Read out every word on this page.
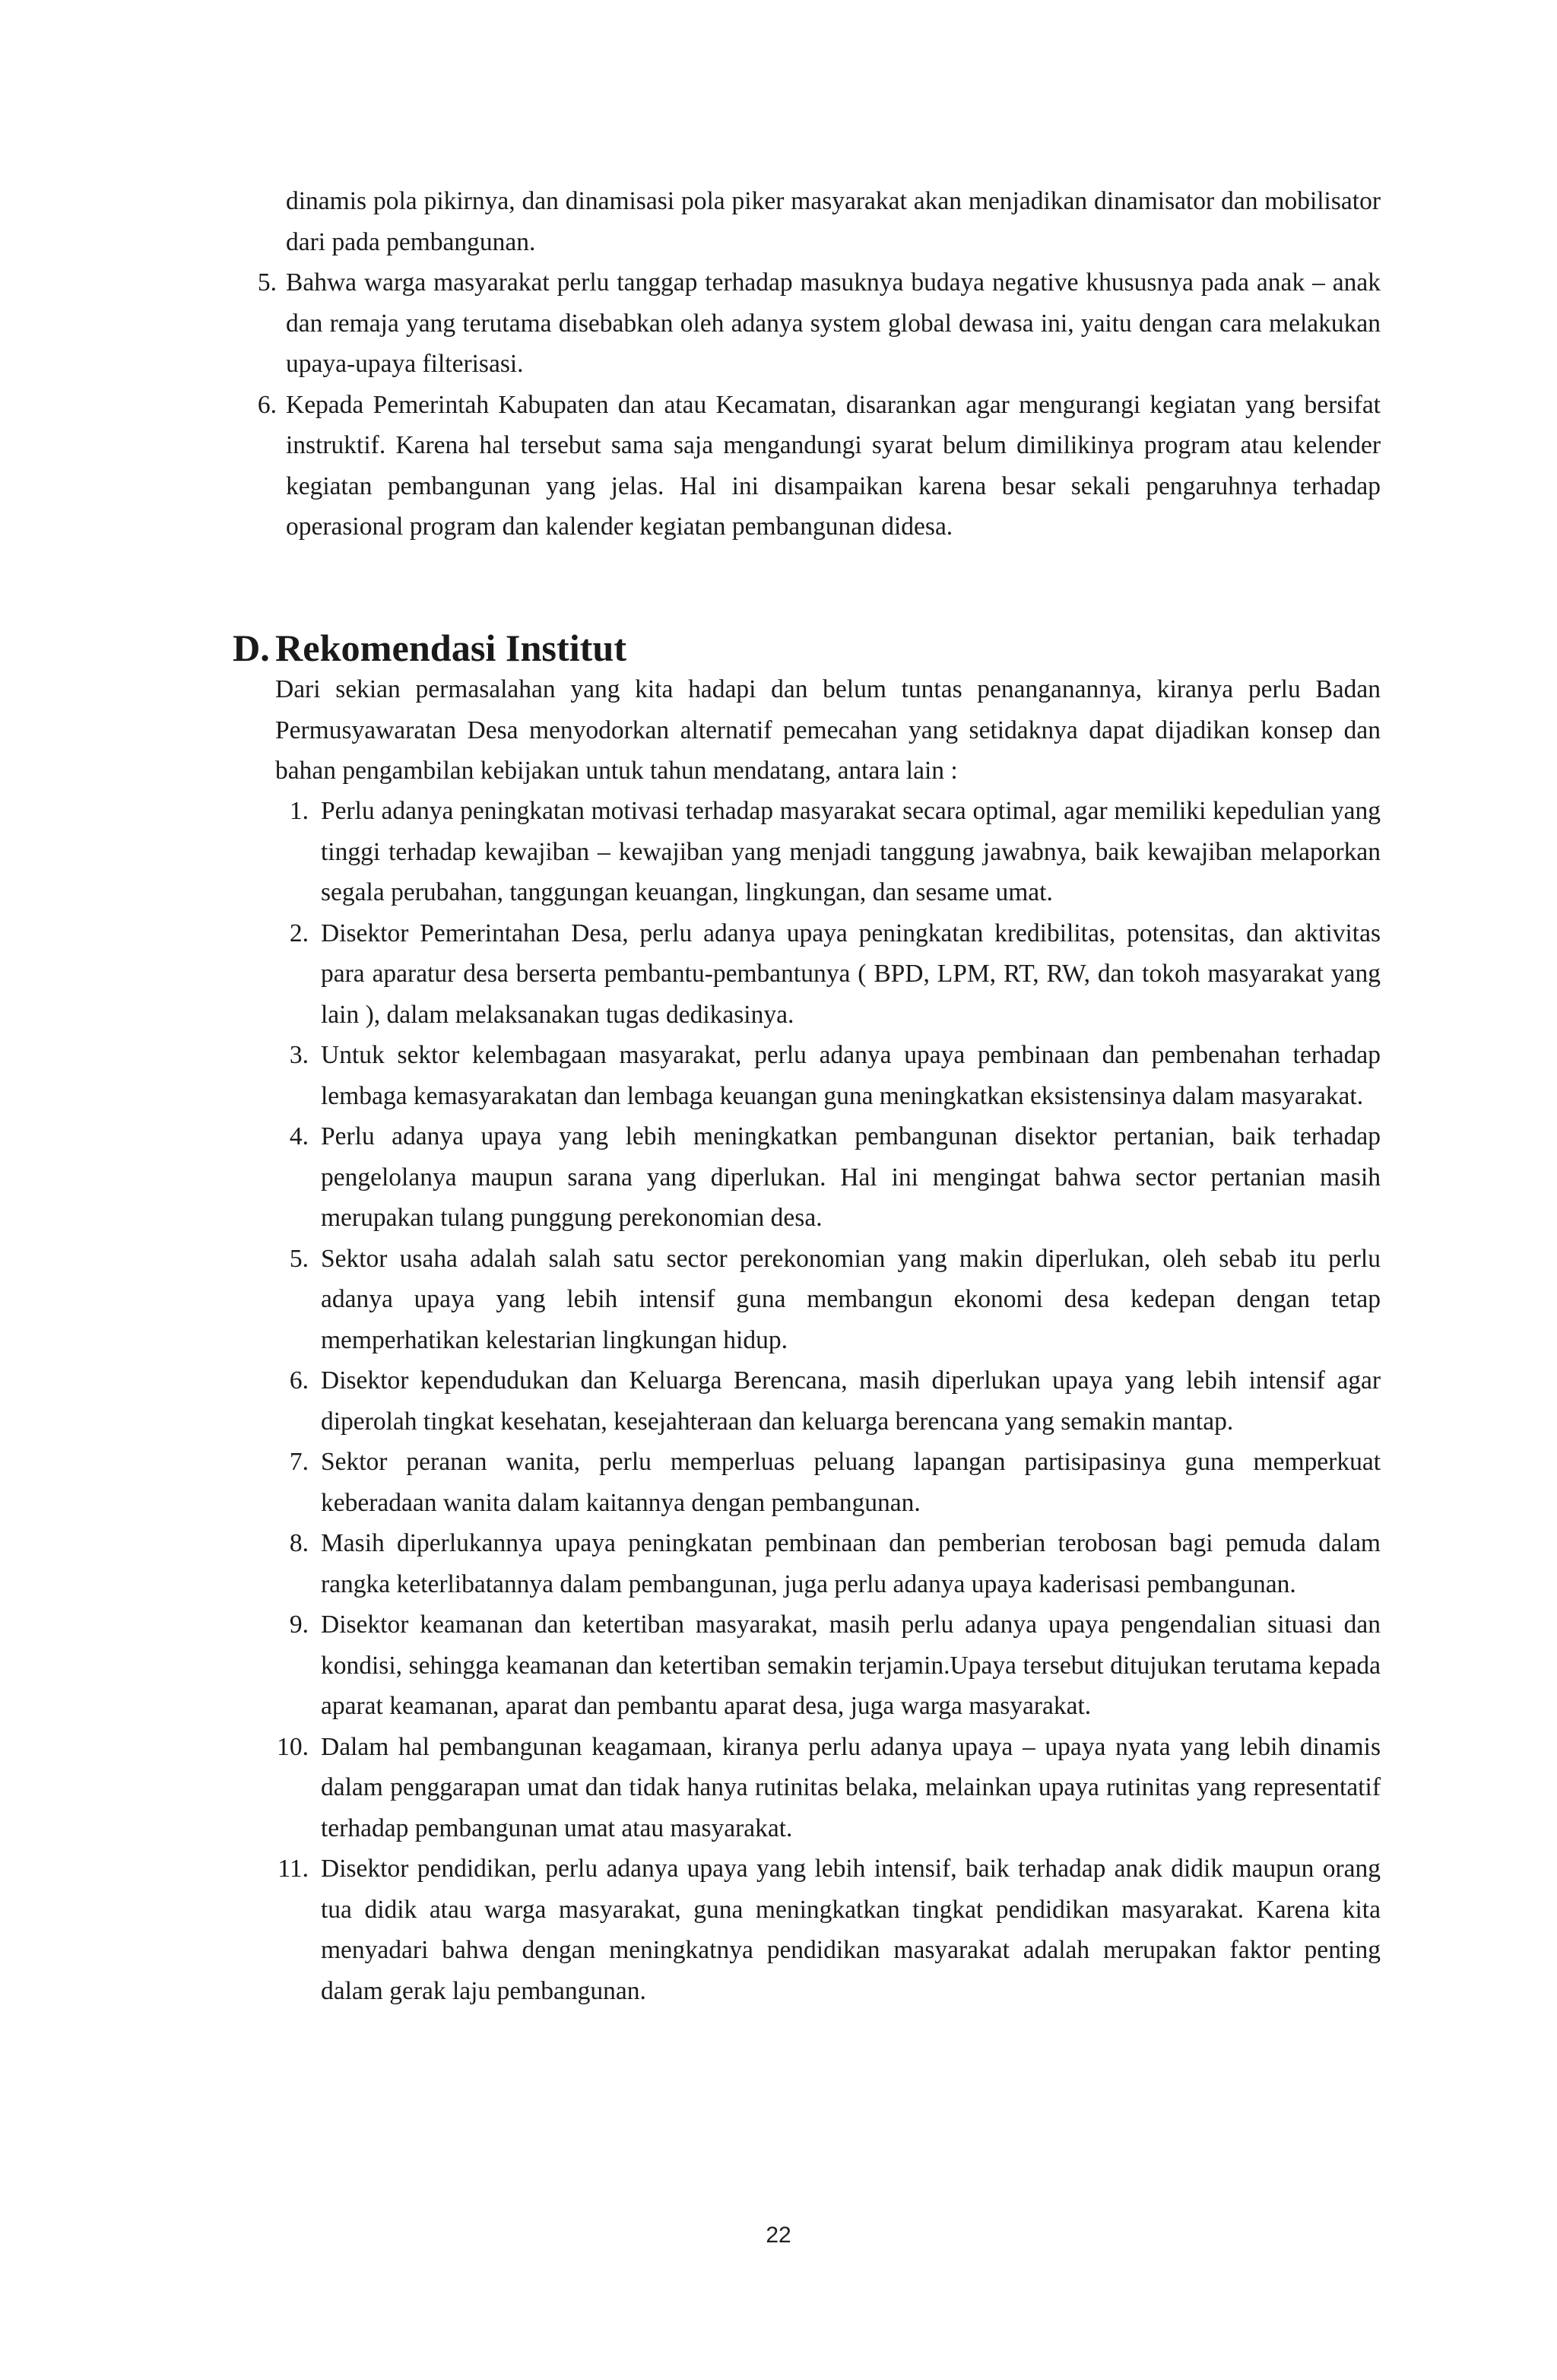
dinamis pola pikirnya, dan dinamisasi pola piker masyarakat akan menjadikan dinamisator dan mobilisator dari pada pembangunan.

5. Bahwa warga masyarakat perlu tanggap terhadap masuknya budaya negative khususnya pada anak – anak dan remaja yang terutama disebabkan oleh adanya system global dewasa ini, yaitu dengan cara melakukan upaya-upaya filterisasi.
6. Kepada Pemerintah Kabupaten dan atau Kecamatan, disarankan agar mengurangi kegiatan yang bersifat instruktif. Karena hal tersebut sama saja mengandungi syarat belum dimilikinya program atau kelender kegiatan pembangunan yang jelas. Hal ini disampaikan karena besar sekali pengaruhnya terhadap operasional program dan kalender kegiatan pembangunan didesa.
D. Rekomendasi Institut

Dari sekian permasalahan yang kita hadapi dan belum tuntas penanganannya, kiranya perlu Badan Permusyawaratan Desa menyodorkan alternatif pemecahan yang setidaknya dapat dijadikan konsep dan bahan pengambilan kebijakan untuk tahun mendatang, antara lain :

1. Perlu adanya peningkatan motivasi terhadap masyarakat secara optimal, agar memiliki kepedulian yang tinggi terhadap kewajiban – kewajiban yang menjadi tanggung jawabnya, baik kewajiban melaporkan segala perubahan, tanggungan keuangan, lingkungan, dan sesame umat.
2. Disektor Pemerintahan Desa, perlu adanya upaya peningkatan kredibilitas, potensitas, dan aktivitas para aparatur desa berserta pembantu-pembantunya ( BPD, LPM, RT, RW, dan tokoh masyarakat yang lain ), dalam melaksanakan tugas dedikasinya.
3. Untuk sektor kelembagaan masyarakat, perlu adanya upaya pembinaan dan pembenahan terhadap lembaga kemasyarakatan dan lembaga keuangan guna meningkatkan eksistensinya dalam masyarakat.
4. Perlu adanya upaya yang lebih meningkatkan pembangunan disektor pertanian, baik terhadap pengelolanya maupun sarana yang diperlukan. Hal ini mengingat bahwa sector pertanian masih merupakan tulang punggung perekonomian desa.
5. Sektor usaha adalah salah satu sector perekonomian yang makin diperlukan, oleh sebab itu perlu adanya upaya yang lebih intensif guna membangun ekonomi desa kedepan dengan tetap memperhatikan kelestarian lingkungan hidup.
6. Disektor kependudukan dan Keluarga Berencana, masih diperlukan upaya yang lebih intensif agar diperolah tingkat kesehatan, kesejahteraan dan keluarga berencana yang semakin mantap.
7. Sektor peranan wanita, perlu memperluas peluang lapangan partisipasinya guna memperkuat keberadaan wanita dalam kaitannya dengan pembangunan.
8. Masih diperlukannya upaya peningkatan pembinaan dan pemberian terobosan bagi pemuda dalam rangka keterlibatannya dalam pembangunan, juga perlu adanya upaya kaderisasi pembangunan.
9. Disektor keamanan dan ketertiban masyarakat, masih perlu adanya upaya pengendalian situasi dan kondisi, sehingga keamanan dan ketertiban semakin terjamin.Upaya tersebut ditujukan terutama kepada aparat keamanan, aparat dan pembantu aparat desa, juga warga masyarakat.
10. Dalam hal pembangunan keagamaan, kiranya perlu adanya upaya – upaya nyata yang lebih dinamis dalam penggarapan umat dan tidak hanya rutinitas belaka, melainkan upaya rutinitas yang representatif terhadap pembangunan umat atau masyarakat.
11. Disektor pendidikan, perlu adanya upaya yang lebih intensif, baik terhadap anak didik maupun orang tua didik atau warga masyarakat, guna meningkatkan tingkat pendidikan masyarakat. Karena kita menyadari bahwa dengan meningkatnya pendidikan masyarakat adalah merupakan faktor penting dalam gerak laju pembangunan.
22
